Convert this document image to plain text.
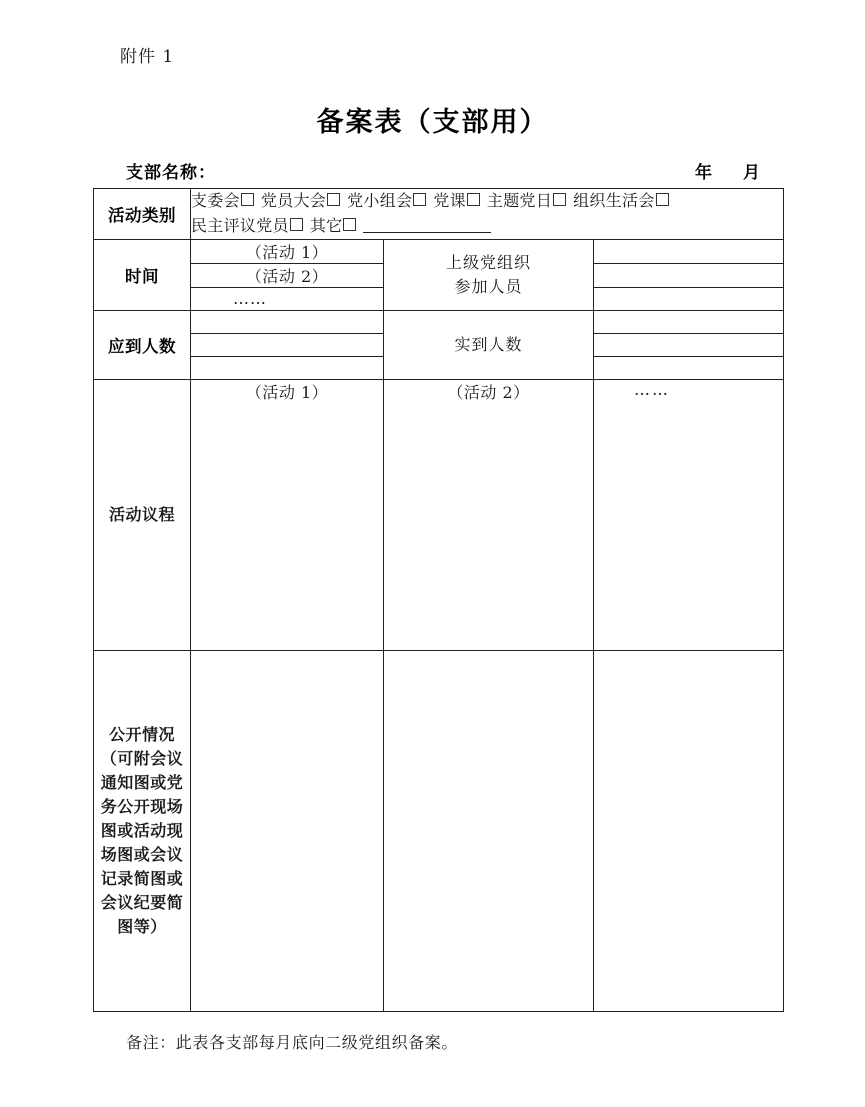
附件 1
备案表（支部用）
支部名称：	年 月
活动类别	支委会 党员大会 党小组会 党课 主题党日 组织生活会 民主评议党员 其它		
时间	（活动 1）	上级党组织
参加人员	
	（活动 2）		

	……		

应到人数		实到人数	

活动议程	（活动 1）	（活动 2）	……
公开情况（可附会议通知图或党务公开现场图或活动现场图或会议记录简图或会议纪要简图等）			
备注：此表各支部每月底向二级党组织备案。
